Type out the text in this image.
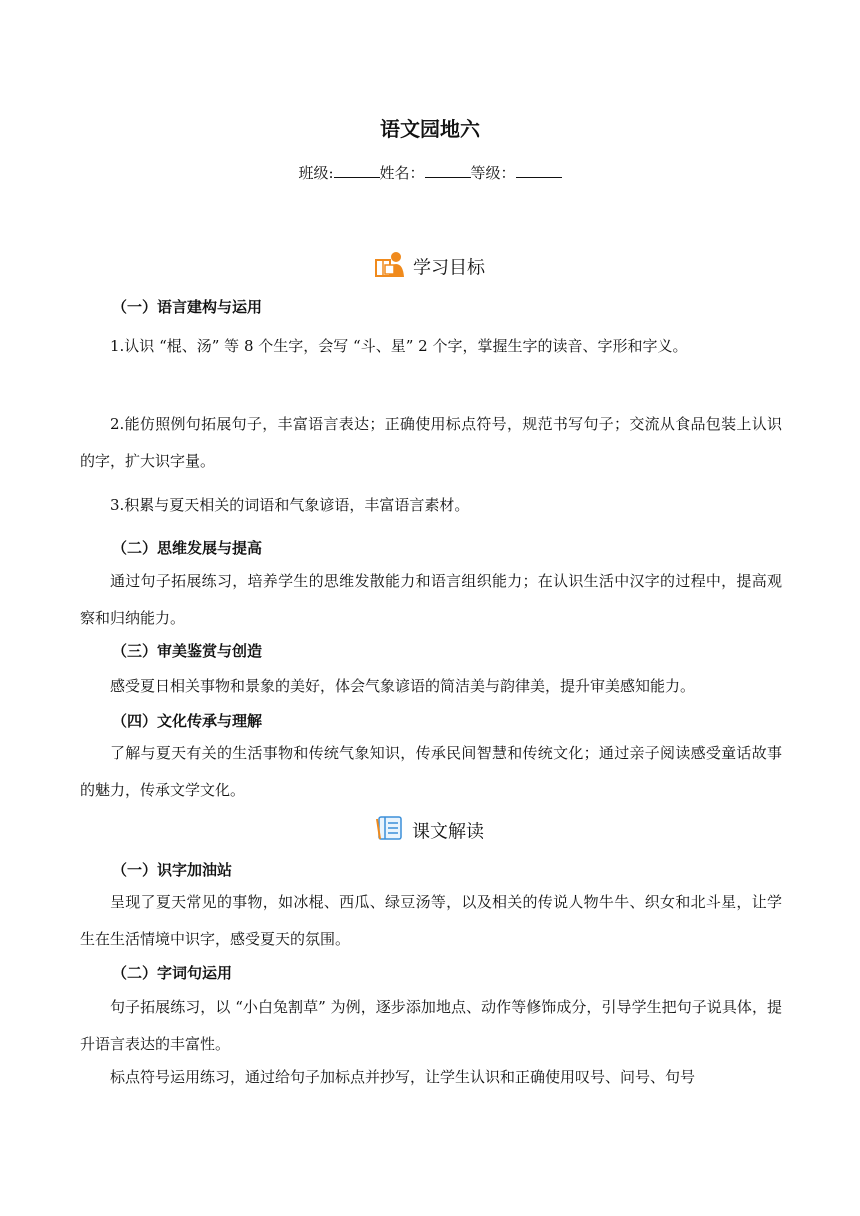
语文园地六
班级:	姓名：	等级：
学习目标
（一）语言建构与运用
1.认识 “棍、汤” 等 8 个生字，会写 “斗、星” 2 个字，掌握生字的读音、字形和字义。
2.能仿照例句拓展句子，丰富语言表达；正确使用标点符号，规范书写句子；交流从食品包装上认识的字，扩大识字量。
3.积累与夏天相关的词语和气象谚语，丰富语言素材。
（二）思维发展与提高
通过句子拓展练习，培养学生的思维发散能力和语言组织能力；在认识生活中汉字的过程中，提高观察和归纳能力。
（三）审美鉴赏与创造
感受夏日相关事物和景象的美好，体会气象谚语的简洁美与韵律美，提升审美感知能力。
（四）文化传承与理解
了解与夏天有关的生活事物和传统气象知识，传承民间智慧和传统文化；通过亲子阅读感受童话故事的魅力，传承文学文化。
课文解读
（一）识字加油站
呈现了夏天常见的事物，如冰棍、西瓜、绿豆汤等，以及相关的传说人物牛牛、织女和北斗星，让学生在生活情境中识字，感受夏天的氛围。
（二）字词句运用
句子拓展练习，以 “小白兔割草” 为例，逐步添加地点、动作等修饰成分，引导学生把句子说具体，提升语言表达的丰富性。
标点符号运用练习，通过给句子加标点并抄写，让学生认识和正确使用叹号、问号、句号
